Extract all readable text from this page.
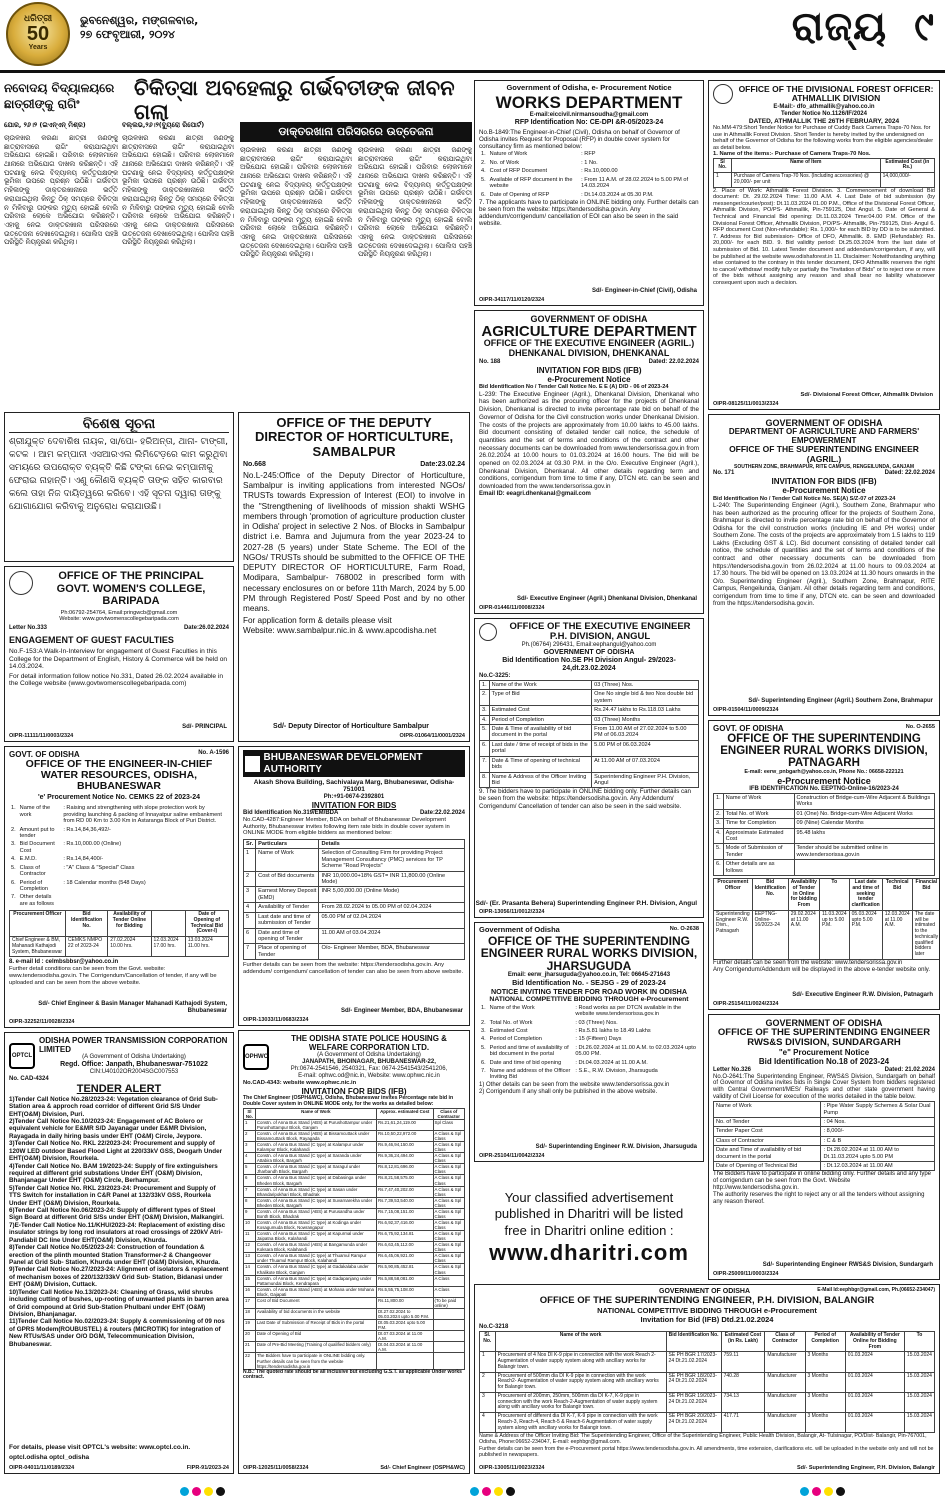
ଧରିତ୍ରୀ
50
Years
ଭୁବନେଶ୍ୱର, ମଙ୍ଗଳବାର,
୨୭ ଫେବୃଆରୀ, ୨୦୨୪	ରାଜ୍ୟ ୯
ନବୋଦୟ ବିଦ୍ୟାଳୟରେ ଛାତ୍ରୀଙ୍କୁ ରାଗିଂ
ଚିକିତ୍ସା ଅବହେଳାରୁ ଗର୍ଭବତୀଙ୍କ ଜୀବନ ଗଲା
ଡାକ୍ତରଖାନା ପରିସରରେ ଉତ୍ତେଜନା
ଯୋର, ୨୬।୨ (ଇଏନ୍ଏନ୍ ମିଶ୍ର)	ବଲ୍ଲଭ,୨୬।୨(ବ୍ୟୁରୋ ରିପୋର୍ଟ)
ଚାଉଳଖର କରଣା ଛାତ୍ରୀ ଜଣଙ୍କୁ ଛାତ୍ରାବାସରେ ରାଗିଂ କରାଯାଇଥିବା ଅଭିଯୋଗ ହୋଇଛି। ପରିବାର ଲୋକମାନେ ଥାନାରେ ଅଭିଯୋଗ ଦାଖଲ କରିଛନ୍ତି। ଏହି ଘଟଣାକୁ ନେଇ ବିଦ୍ୟାଳୟ କର୍ତ୍ତୃପକ୍ଷଙ୍କ ଭୂମିକା ଉପରେ ପ୍ରଶ୍ନ ଉଠିଛି। ଗର୍ଭବତୀ ମହିଳାଙ୍କୁ ଡାକ୍ତରଖାନାରେ ଭର୍ତ୍ତି କରାଯାଇଥିଲା କିନ୍ତୁ ଠିକ୍ ସମୟରେ ଚିକିତ୍ସା ନ ମିଳିବାରୁ ତାଙ୍କର ମୃତ୍ୟୁ ହୋଇଛି ବୋଲି ପରିବାର ଲୋକେ ଅଭିଯୋଗ କରିଛନ୍ତି। ଏହାକୁ ନେଇ ଡାକ୍ତରଖାନା ପରିସରରେ ଉତ୍ତେଜନା ଦେଖାଦେଇଥିଲା। ପୋଲିସ ପହଞ୍ଚି ପରିସ୍ଥିତି ନିୟନ୍ତ୍ରଣ କରିଥିଲା।
ଚାଉଳଖର କରଣା ଛାତ୍ରୀ ଜଣଙ୍କୁ ଛାତ୍ରାବାସରେ ରାଗିଂ କରାଯାଇଥିବା ଅଭିଯୋଗ ହୋଇଛି। ପରିବାର ଲୋକମାନେ ଥାନାରେ ଅଭିଯୋଗ ଦାଖଲ କରିଛନ୍ତି। ଏହି ଘଟଣାକୁ ନେଇ ବିଦ୍ୟାଳୟ କର୍ତ୍ତୃପକ୍ଷଙ୍କ ଭୂମିକା ଉପରେ ପ୍ରଶ୍ନ ଉଠିଛି। ଗର୍ଭବତୀ ମହିଳାଙ୍କୁ ଡାକ୍ତରଖାନାରେ ଭର୍ତ୍ତି କରାଯାଇଥିଲା କିନ୍ତୁ ଠିକ୍ ସମୟରେ ଚିକିତ୍ସା ନ ମିଳିବାରୁ ତାଙ୍କର ମୃତ୍ୟୁ ହୋଇଛି ବୋଲି ପରିବାର ଲୋକେ ଅଭିଯୋଗ କରିଛନ୍ତି। ଏହାକୁ ନେଇ ଡାକ୍ତରଖାନା ପରିସରରେ ଉତ୍ତେଜନା ଦେଖାଦେଇଥିଲା। ପୋଲିସ ପହଞ୍ଚି ପରିସ୍ଥିତି ନିୟନ୍ତ୍ରଣ କରିଥିଲା।
ଚାଉଳଖର କରଣା ଛାତ୍ରୀ ଜଣଙ୍କୁ ଛାତ୍ରାବାସରେ ରାଗିଂ କରାଯାଇଥିବା ଅଭିଯୋଗ ହୋଇଛି। ପରିବାର ଲୋକମାନେ ଥାନାରେ ଅଭିଯୋଗ ଦାଖଲ କରିଛନ୍ତି। ଏହି ଘଟଣାକୁ ନେଇ ବିଦ୍ୟାଳୟ କର୍ତ୍ତୃପକ୍ଷଙ୍କ ଭୂମିକା ଉପରେ ପ୍ରଶ୍ନ ଉଠିଛି। ଗର୍ଭବତୀ ମହିଳାଙ୍କୁ ଡାକ୍ତରଖାନାରେ ଭର୍ତ୍ତି କରାଯାଇଥିଲା କିନ୍ତୁ ଠିକ୍ ସମୟରେ ଚିକିତ୍ସା ନ ମିଳିବାରୁ ତାଙ୍କର ମୃତ୍ୟୁ ହୋଇଛି ବୋଲି ପରିବାର ଲୋକେ ଅଭିଯୋଗ କରିଛନ୍ତି। ଏହାକୁ ନେଇ ଡାକ୍ତରଖାନା ପରିସରରେ ଉତ୍ତେଜନା ଦେଖାଦେଇଥିଲା। ପୋଲିସ ପହଞ୍ଚି ପରିସ୍ଥିତି ନିୟନ୍ତ୍ରଣ କରିଥିଲା।
ଚାଉଳଖର କରଣା ଛାତ୍ରୀ ଜଣଙ୍କୁ ଛାତ୍ରାବାସରେ ରାଗିଂ କରାଯାଇଥିବା ଅଭିଯୋଗ ହୋଇଛି। ପରିବାର ଲୋକମାନେ ଥାନାରେ ଅଭିଯୋଗ ଦାଖଲ କରିଛନ୍ତି। ଏହି ଘଟଣାକୁ ନେଇ ବିଦ୍ୟାଳୟ କର୍ତ୍ତୃପକ୍ଷଙ୍କ ଭୂମିକା ଉପରେ ପ୍ରଶ୍ନ ଉଠିଛି। ଗର୍ଭବତୀ ମହିଳାଙ୍କୁ ଡାକ୍ତରଖାନାରେ ଭର୍ତ୍ତି କରାଯାଇଥିଲା କିନ୍ତୁ ଠିକ୍ ସମୟରେ ଚିକିତ୍ସା ନ ମିଳିବାରୁ ତାଙ୍କର ମୃତ୍ୟୁ ହୋଇଛି ବୋଲି ପରିବାର ଲୋକେ ଅଭିଯୋଗ କରିଛନ୍ତି। ଏହାକୁ ନେଇ ଡାକ୍ତରଖାନା ପରିସରରେ ଉତ୍ତେଜନା ଦେଖାଦେଇଥିଲା। ପୋଲିସ ପହଞ୍ଚି ପରିସ୍ଥିତି ନିୟନ୍ତ୍ରଣ କରିଥିଲା।
ବିଶେଷ ସୂଚନା
ଶ୍ରୀଯୁକ୍ତ ଦେବାଶିଷ ନାୟକ, ସା/ପୋ- ହରିଅନ୍ତା, ଥାନା- ଟାଙ୍ଗୀ, କଟକ । ଆମ କମ୍ପାନୀ ଏସଆରଏଲ ଲିମିଟେଡ଼ରେ କାମ କରୁଥିବା ସମୟରେ ଉପରୋକ୍ତ ବ୍ୟକ୍ତି କିଛି ଟଙ୍କା ନେଇ କମ୍ପାନୀକୁ ଫେରାଇ ନାହାନ୍ତି। ଏଣୁ କୌଣସି ବ୍ୟକ୍ତି ତାଙ୍କ ସହିତ କାରବାର କଲେ ତାହା ନିଜ ଦାୟିତ୍ୱରେ କରିବେ। ଏହି ସୂଚନା ଦ୍ୱାରା ତାଙ୍କୁ ଯୋଗାଯୋଗ କରିବାକୁ ଅନୁରୋଧ କରାଯାଉଛି।
OFFICE OF THE PRINCIPAL
GOVT. WOMEN'S COLLEGE, BARIPADA
Ph:06792-254764, Email:pringwcb@gmail.com
Website: www.govtwomenscollegebaripada.com
Letter No.333	Date:26.02.2024
ENGAGEMENT OF GUEST FACULTIES
No.F-153:A Walk-In-Interview for engagement of Guest Faculties in this College for the Department of English, History & Commerce will be held on 14.03.2024.
For detail information follow notice No.331, Dated 26.02.2024 available in the College website (www.govtwomenscollegebaripada.com)
Sd/- PRINCIPAL
OIPR-11111/11/0003/2324
GOVT. OF ODISHA	No. A-1596
OFFICE OF THE ENGINEER-IN-CHIEF WATER RESOURCES, ODISHA, BHUBANESWAR
'e' Procurement Notice No. CEMKS 22 of 2023-24
1.	Name of the work	: Raising and strengthening with slope protection work by providing launching & packing of Innayatpur saline embankment from RD 00 Km to 3.00 Km in Astaranga Block of Puri District.
2.	Amount put to tender	: Rs.14,84,36,492/-
3.	Bid Document Cost	: Rs.10,000.00 (Online)
4.	E.M.D.	: Rs.14,84,400/-
5.	Class of Contractor	: "A" Class & "Special" Class
6.	Period of Completion	: 18 Calendar months (548 Days)
7.	Other details are as follows	
Procurement Officer	Bid Identification No.	Availability of Tender Online for Bidding		Date of Opening of Technical Bid (Cover-I)
Chief Engineer & BM, Mahanadi Kathajodi System, Bhubaneswar	CEMKS NMPO 22 of 2023-24	27.02.2024 10.00 hrs.	12.03.2024 17.00 hrs.	13.03.2024 11.00 hrs.
8. e-mail Id : celmbsbbsr@yahoo.co.in
Further detail conditions can be seen from the Govt. website: www.tendersodisha.gov.in. The Corrigendum/Cancellation of tender, if any will be uploaded and can be seen from the above website.
Sd/- Chief Engineer & Basin Manager Mahanadi Kathajodi System, Bhubaneswar
OIPR-32252/11/0028/2324
OPTCL
ODISHA POWER TRANSMISSION CORPORATION LIMITED
(A Government of Odisha Undertaking)
Regd. Office: Janpath, Bhubaneswar-751022
CIN:U40102OR2004SGC007553
No. CAD-4324
TENDER ALERT
1)Tender Call Notice No.28/2023-24: Vegetation clearance of Grid Sub-Station area & approch road corridor of different Grid S/S Under EHT(O&M) Division, Puri.
2)Tender Call Notice No.10/2023-24: Engagement of AC Bolero or equivalent vehicle for E&MR S/D Jayanagar under E&MR Division, Rayagada in daily hiring basis under EHT (O&M) Circle, Jeypore.
3)Tender Call Notice No. RKL 22/2023-24: Procurement and supply of 120W LED outdoor Based Flood Light at 220/33kV GSS, Deogarh Under EHT(O&M) Division, Rourkela.
4)Tender Call Notice No. BAM 19/2023-24: Supply of fire extinguishers required at different grid substations Under EHT (O&M) Division, Bhanjanagar Under EHT (O&M) Circle, Berhampur.
5)Tender Call Notice No. RKL 23/2023-24: Procurement and Supply of TTS Switch for installation in C&R Panel at 132/33kV GSS, Rourkela Under EHT (O&M) Division, Rourkela.
6)Tender Call Notice No.06/2023-24: Supply of different types of Steel Sign Board at different Grid S/Ss under EHT (O&M) Division, Malkangiri.
7)E-Tender Call Notice No.11/KHU/2023-24: Replacement of existing disc insulator strings by long rod insulators at road crossings of 220kV Atri- Pandiabil DC line Under EHT(O&M) Division, Khurda.
8)Tender Call Notice No.05/2023-24: Construction of foundation & erection of the plinth mounted Station Transformer-2 & Changeover Panel at Grid Sub- Station, Khurda under EHT (O&M) Division, Khurda.
9)Tender Call Notice No.27/2023-24: Alignment of isolators & replacement of mechanism boxes of 220/132/33kV Grid Sub- Station, Bidanasi under EHT (O&M) Division, Cuttack.
10)Tender Call Notice No.13/2023-24: Cleaning of Grass, wild shrubs including cutting of bushes, up-rooting of unwanted plants in barren area of Grid compound at Grid Sub-Station Phulbani under EHT (O&M) Division, Bhanjanagar.
11)Tender Call Notice No.02/2023-24: Supply & commissioning of 09 nos of GPRS Modem(ROUBUSTEL) & routers (MICROTIK) for integration of New RTUs/SAS under O/O DGM, Telecommunication Division, Bhubaneswar.
For details, please visit OPTCL's website: www.optcl.co.in.
optcl.odisha optcl_odisha
OIPR-04011/11/0189/2324	FIPR-91/2023-24
OFFICE OF THE DEPUTY DIRECTOR OF HORTICULTURE, SAMBALPUR
No.668	Date:23.02.24
No.L-245:Office of the Deputy Director of Horticulture, Sambalpur is inviting applications from interested NGOs/ TRUSTs towards Expression of Interest (EOI) to involve in the "Strengthening of livelihoods of mission shakti WSHG members through 'promotion of agriculture production cluster in Odisha' project in selective 2 Nos. of Blocks in Sambalpur district i.e. Bamra and Jujumura from the year 2023-24 to 2027-28 (5 years) under State Scheme. The EOI of the NGOs/ TRUSTs should be submitted to the OFFICE OF THE DEPUTY DIRECTOR OF HORTICULTURE, Farm Road, Modipara, Sambalpur- 768002 in prescribed form with necessary enclosures on or before 11th March, 2024 by 5.00 PM through Registered Post/ Speed Post and by no other means.
For application form & details please visit
Website: www.sambalpur.nic.in & www.apcodisha.net
Sd/- Deputy Director of Horticulture Sambalpur
OIPR-01064/11/0001/2324
BHUBANESWAR DEVELOPMENT AUTHORITY
Akash Shova Building, Sachivalaya Marg, Bhubaneswar, Odisha-751001
Ph:+91-0674-2392801
INVITATION FOR BIDS
Bid Identification No.319/EM/BDA	Date:22.02.2024
No.CAD-4287:Engineer Member, BDA on behalf of Bhubaneswar Development Authority, Bhubaneswar invites following item rate bids in double cover system in ONLINE MODE from eligible bidders as mentioned below:
Sr.	Particulars	Details
1	Name of Work	Selection of Consulting Firm for providing Project Management Consultancy (PMC) services for TP Scheme "Road Projects"
2	Cost of Bid documents	INR 10,000.00+18% GST= INR 11,800.00 (Online Mode)
3	Earnest Money Deposit (EMD)	INR 5,00,000.00 (Online Mode)
4	Availability of Tender	From 28.02.2024 to 05.00 PM of 02.04.2024
5	Last date and time of submission of Tender	05.00 PM of 02.04.2024
6	Date and time of opening of Tender	11.00 AM of 03.04.2024
7	Place of opening of Tender	O/o- Engineer Member, BDA, Bhubaneswar
Further details can be seen from the website: https://tendersodisha.gov.in. Any addendum/ corrigendum/ cancellation of tender can also be seen from above website.
Sd/- Engineer Member, BDA, Bhubaneswar
OIPR-13033/11/0683/2324
OPHWC
THE ODISHA STATE POLICE HOUSING & WELFARE CORPORATION LTD.
(A Government of Odisha Undertaking)
JANAPATH, BHOINAGAR, BHUBANESWAR-22,
Ph:0674-2541546, 2540321, Fax: 0674-2541543/2541206,
E-mail: ophwc.od@nic.in, Website: www.ophwc.nic.in
No.CAD-4343: website www.ophwc.nic.in
INVITATION FOR BIDS (IFB)
The Chief Engineer (OSPH&WC), Odisha, Bhubaneswar invites Percentage rate bid in Double Cover system in ONLINE MODE only, for the works as detailed below:
Sl No.	Name of Work	Approx. estimated Cost	Class of Contractor
1	Constn. of Anna Bus Stand (ABS) at Purushottampur under Purushottampur Block, Ganjam	Rs.21,61,24,119.00	Spl Class
2	Constn. of Anna Bus Stand (ABS) at Bissamcuttack under Bissamcuttack Block, Rayagada	Rs.10,50,22,972.00	A Class & Spl Class
3	Constn. of Anna Bus Stand (C type) at Kalampur under Kalampur Block, Kalahandi	Rs.9,46,94,150.00	A Class & Spl Class
4	Constn. of Anna Bus Stand (C type) at Saranda under Attabira Block, Bargarh	Rs.9,36,24,494.00	A Class & Spl Class
5	Constn. of Anna Bus Stand (C type) at Saragul under Jharbandh Block, Bargarh	Rs.8,12,81,696.00	A Class & Spl Class
6	Constn. of Anna Bus Stand (C type) at Dabasinga under Bheden Block, Bargarh	Rs.8,21,58,575.00	A Class & Spl Class
7	Constn. of Anna Bus Stand (C type) at Sasan under Bhandaripokhari Block, Bhadrak	Rs.7,47,40,202.00	A Class & Spl Class
8	Constn. of Anna Bus Stand (C type) at Suvarnarekha under Bheden Block, Bargarh	Rs.7,39,53,540.00	A Class & Spl Class
9	Constn. of Anna Bus Stand (ABS) at Purusandha under Bonth Block, Bhadrak	Rs.7,15,08,151.00	A Class & Spl Class
10	Constn. of Anna Bus Stand (C type) at Kodinga under Kosagumuda Block, Nowrangapur	Rs.6,92,37,416.00	A Class & Spl Class
11	Constn. of Anna Bus Stand (C type) at Kapurmal under Jaipatna Block, Kalahandi	Rs.6,75,92,134.81	A Class & Spl Class
12	Constn. of Anna Bus Stand (ABS) at Bangamunda under Koksara Block, Kalahandi	Rs.6,63,45,112.00	A Class & Spl Class
13	Constn. of Anna Bus Stand (C type) at Thuamul Rampur under Thuamul Rampur Block, Kalahandi	Rs.6,45,06,921.00	A Class & Spl Class
14	Constn. of Anna Bus Stand (C type) at Gadakalaba under Khalikote Block, Ganjam	Rs.5,90,85,452.81	A Class & Spl Class
15	Constn. of Anna Bus Stand (C type) at Gadapanjang under Pattamundai Block, Kendrapara	Rs.5,88,58,081.00	A Class
16	Constn. of Anna Bus Stand (ABS) at Mohana under Mohana Block, Gajapati	Rs.5,55,75,108.00	A Class
17	Cost of Bid Document	Rs.11,800.00	(To be paid online)
18	Availability of bid documents in the website	Dt.27.02.2024 to 05.03.2024 upto 5.00 P.M.	
19	Last Date of Submission of Receipt of Bids in the portal	Dt.05.03.2024 upto 5.00 P.M.	
20	Date of Opening of Bid	Dt.07.03.2024 at 11.00 A.M.	
21	Date of Pre-Bid Meeting (Training of qualified bidders only)	Dt.04.03.2024 at 11.00 A.M.	
22	The Bidders have to participate in ONLINE bidding only. Further details can be seen from the website https://tendersodisha.gov.in		
N.B.: The quoted rate should be all inclusive but excluding G.S.T. as applicable Under works contract.
OIPR-12025/11/0058/2324	Sd/- Chief Engineer (OSPH&WC)
Government of Odisha, e- Procurement Notice
WORKS DEPARTMENT
E-mail:eiccivil.nirmansoudha@gmail.com
RFP Identification No: CE-DPI &R-05/2023-24
No.B-1849:The Engineer-in-Chief (Civil), Odisha on behalf of Governor of Odisha invites Request for Proposal (RFP) in double cover system for consultancy firm as mentioned below:
1.	Nature of Work	: RFP
2.	No. of Work	: 1 No.
4.	Cost of RFP Document	: Rs.10,000.00
5.	Available of RFP document in the website	: From 11 A.M. of 28.02.2024 to 5.00 PM of 14.03.2024
6.	Date of Opening of RFP	: Dt.14.03.2024 at 05.30 P.M.
7. The applicants have to participate in ONLINE bidding only. Further details can be seen from the website: https://tendersodisha.gov.in. Any addendum/corrigendum/ cancellation of EOI can also be seen in the said website.
Sd/- Engineer-in-Chief (Civil), Odisha
OIPR-34117/11/0120/2324
GOVERNMENT OF ODISHA
AGRICULTURE DEPARTMENT
OFFICE OF THE EXECUTIVE ENGINEER (AGRIL.) DHENKANAL DIVISION, DHENKANAL
No. 188	Dated: 22.02.2024
INVITATION FOR BIDS (IFB)
e-Procurement Notice
Bid Identification No / Tender Call Notice No. E E (A) D/D - 06 of 2023-24
L-239: The Executive Engineer (Agril.), Dhenkanal Division, Dhenkanal who has been authorized as the procuring officer for the projects of Dhenkanal Division, Dhenkanal is directed to invite percentage rate bid on behalf of the Governor of Odisha for the Civil construction works under Dhenkanal Division. The costs of the projects are approximately from 10.00 lakhs to 45.00 lakhs. Bid document consisting of detailed tender call notice, the schedule of quantities and the set of terms and conditions of the contract and other necessary documents can be downloaded from www.tendersorissa.gov.in from 26.02.2024 at 10.00 hours to 01.03.2024 at 16.00 hours. The bid will be opened on 02.03.2024 at 03.30 P.M. in the O/o. Executive Engineer (Agril.), Dhenkanal Division, Dhenkanal. All other details regarding term and conditions, corrigendum from time to time if any, DTCN etc. can be seen and downloaded from the www.tendersorissa.gov.in
Email ID: eeagri.dhenkanal@gmail.com
Sd/- Executive Engineer (Agril.) Dhenkanal Division, Dhenkanal
OIPR-01446/11/0008/2324
OFFICE OF THE EXECUTIVE ENGINEER P.H. DIVISION, ANGUL
Ph.(06764) 296431, Email:eephangul@yahoo.com
GOVERNMENT OF ODISHA
Bid Identification No.SE PH Division Angul- 29/2023-24,dt.23.02.2024
No.C-3225:
1.	Name of the Work	03 (Three) Nos.
2.	Type of Bid	One No single bid & two Nos double bid system
3.	Estimated Cost	Rs.24.47 lakhs to Rs.118.03 Lakhs
4.	Period of Completion	03 (Three) Months
5.	Date & Time of availability of bid document in the portal	From 11.00 AM of 27.02.2024 to 5.00 PM of 06.03.2024
6.	Last date / time of receipt of bids in the portal	5.00 PM of 06.03.2024
7.	Date & Time of opening of technical bids	At 11.00 AM of 07.03.2024
8.	Name & Address of the Officer Inviting Bid	Superintending Engineer P.H. Division, Angul
9. The bidders have to participate in ONLINE bidding only. Further details can be seen from the website: https://tendersodisha.gov.in. Any Addendum/ Corrigendum/ Cancellation of tender can also be seen in the said website.
Sd/- (Er. Prasanta Behera) Superintending Engineer P.H. Division, Angul
OIPR-13056/11/0012/2324
Government of Odisha	No. O-2638
OFFICE OF THE SUPERINTENDING ENGINEER RURAL WORKS DIVISION, JHARSUGUDA
Email: eerw_jharsuguda@yahoo.co.in, Tel: 06645-271643
Bid Identification No. - SEJSG - 29 of 2023-24
NOTICE INVITING TENDER FOR ROAD WORK IN ODISHA
NATIONAL COMPETITIVE BIDDING THROUGH e-Procurement
1.	Name of the Work	: Road works as per DTCN available in the website www.tendersorissa.gov.in
2.	Total No. of Work	: 03 (Three) Nos.
3.	Estimated Cost	: Rs.5.81 lakhs to 18.49 Lakhs
4.	Period of Completion	: 15 (Fifteen) Days
5.	Period and time of availability of bid document in the portal	: Dt.26.02.2024 at 11.00 A.M. to 02.03.2024 upto 05.00 PM.
6.	Date and time of bid opening	: Dt.04.03.2024 at 11.00 A.M.
7.	Name and address of the Officer Inviting Bid	: S.E., R.W. Division, Jharsuguda
1) Other details can be seen from the website www.tendersorissa.gov.in
2) Corrigendum if any shall only be published in the above website.
Sd/- Superintending Engineer R.W. Division, Jharsuguda
OIPR-25104/11/0042/2324
Your classified advertisement
published in Dharitri will be listed
free in Dharitri online edition :
www.dharitri.com
OFFICE OF THE DIVISIONAL FOREST OFFICER: ATHMALLIK DIVISION
E-Mail:- dfo_athmallik@yahoo.co.in
Tender Notice No.1126/IF/2024
DATED, ATHMALLIK THE 26TH FEBRUARY, 2024
No.MM-479:Short Tender Notice for Purchase of Cuddy Back Camera Traps-70 Nos. for use in Athmallik Forest Division. Short Tender is hereby invited by the undersigned on behalf of the Governor of Odisha for the following works from the eligible agencies/dealer as detail below.
1. Name of the items:- Purchase of Camera Traps-70 Nos.
Sl No.	Name of Item	Estimated Cost (in Rs.)
1	Purchase of Camera Trap-70 Nos. (Including accessories) @ 20,000/- per unit	14,000,000/-
2. Place of Work: Athmallik Forest Division. 3. Commencement of download Bid document: Dt. 29.02.2024 Time: 11.00 A.M. 4. Last Date of bid submission (by messenger/courier/post): Dt.11.03.2024 01.00 P.M., Office of the Divisional Forest Officer, Athmallik Division, PO/PS- Athmallik, Pin-759125, Dist Angul. 5. Date of General & Technical and Financial Bid opening: Dt.11.03.2024 Time:04.00 P.M. Office of the Divisional Forest Officer, Athmallik Division, PO/PS- Athmallik, Pin-759125, Dist- Angul 6. RFP document Cost (Non-refundable): Rs. 1,000/- for each BID by DD is to be submitted. 7. Address for Bid submission- Office of DFO, Athmallik. 8. EMD (Refundable): Rs. 20,000/- for each BID. 9. Bid validity period: Dt.25.03.2024 from the last date of submission of Bid. 10. Latest Tender document and addendum/corrigendum, if any, will be published at the website www.odishaforest.in 11. Disclaimer: Notwithstanding anything else contained to the contrary in this tender document, DFO Athmallik reserves the right to cancel/ withdraw/ modify fully or partially the "Invitation of Bids" or to reject one or more of the bids without assigning any reason and shall bear no liability whatsoever consequent upon such a decision.
Sd/- Divisional Forest Officer, Athmallik Division
OIPR-08125/11/0013/2324
GOVERNMENT OF ODISHA
DEPARTMENT OF AGRICULTURE AND FARMERS' EMPOWERMENT
OFFICE OF THE SUPERINTENDING ENGINEER (AGRIL.)
SOUTHERN ZONE, BRAHMAPUR, RITE CAMPUS, RENGEILUNDA, GANJAM
No. 171	Dated: 22.02.2024
INVITATION FOR BIDS (IFB)
e-Procurement Notice
Bid Identification No / Tender Call Notice No. SE(A) S/Z-07 of 2023-24
L-240: The Superintending Engineer (Agril.), Southern Zone, Brahmapur who has been authorized as the procuring officer for the projects of Southern Zone, Brahmapur is directed to invite percentage rate bid on behalf of the Governor of Odisha for the civil construction works (including IE and PH works) under Southern Zone. The costs of the projects are approximately from 1.5 lakhs to 119 Lakhs (Excluding GST & LC). Bid document consisting of detailed tender call notice, the schedule of quantities and the set of terms and conditions of the contract and other necessary documents can be downloaded from https://tendersodisha.gov.in from 26.02.2024 at 11.00 hours to 09.03.2024 at 17.30 hours. The bid will be opened on 13.03.2024 at 11.30 hours onwards in the O/o. Superintending Engineer (Agril.), Southern Zone, Brahmapur, RITE Campus, Rengeilunda, Ganjam. All other details regarding term and conditions, corrigendum from time to time if any, DTCN etc. can be seen and downloaded from the https://tendersodisha.gov.in.
Sd/- Superintending Engineer (Agril.) Southern Zone, Brahmapur
OIPR-01504/11/0009/2324
GOVT. OF ODISHA	No. O-2655
OFFICE OF THE SUPERINTENDING ENGINEER RURAL WORKS DIVISION, PATNAGARH
E-mail: eerw_pnbgarh@yahoo.co.in, Phone No.: 06658-222121
e-Procurement Notice
IFB IDENTIFICATION No. EEPTNG-Online-16/2023-24
1.	Name of Work	Construction of Bridge-cum-Wire Adjacent & Buildings Works
2.	Total No. of Work	01 (One) No. Bridge-cum-Wire Adjacent Works
3.	Time for Completion	09 (Nine) Calendar Months
4.	Approximate Estimated Cost	95.48 lakhs
5.	Mode of Submission of Tender	Tender should be submitted online in www.tendersorissa.gov.in
6.	Other details are as follows	
Procurement Officer	Bid Identification No.	Availability of Tender in Online for bidding From	To	Last date and time of seeking tender clarification	Technical Bid	Financial Bid
Superintending Engineer R.W. Divn., Patnagarh	EEPTNG- Online- 16/2023-24	29.02.2024 at 11.00 A.M.	11.03.2024 up to 5.00 P.M.	05.03.2024 upto 5.00 P.M.	12.03.2024 at 11.00 A.M.	The date will be intimated to the technically qualified bidders later
Further details can be seen from the website: www.tendersorissa.gov.in
Any Corrigendum/Addendum will be displayed in the above e-tender website only.
Sd/- Executive Engineer R.W. Division, Patnagarh
OIPR-25154/11/0024/2324
GOVERNMENT OF ODISHA
OFFICE OF THE SUPERINTENDING ENGINEER RWS&S DIVISION, SUNDARGARH
"e" Procurement Notice
Bid Identification No.18 of 2023-24
Letter No.326	Dated: 21.02.2024
No.O-2641:The Superintending Engineer, RWS&S Division, Sundargarh on behalf of Governor of Odisha invites bids in Single Cover System from bidders registered with Central Government/MES/ Railways and other state government having validity of Civil License for execution of the works detailed in the table below.
Name of Work	: Pipe Water Supply Schemes & Solar Dual Pump
No. of Tender	: 04 Nos.
Tender Paper Cost	: 8,000/-
Class of Contractor	: C & B
Date and Time of availability of bid document in the portal	: Dt.28.02.2024 at 11.00 AM to Dt.11.03.2024 upto 5.00 PM
Date of Opening of Technical Bid	: Dt.12.03.2024 at 11.00 AM
The Bidders have to participate in online bidding only. Further details and any type of corrigendum can be seen from the Govt. Website http://www.tendersodisha.gov.in.
The authority reserves the right to reject any or all the tenders without assigning any reason thereof.
Sd/- Superintending Engineer RWS&S Division, Sundargarh
OIPR-25009/11/0003/2324
GOVERNMENT OF ODISHA	E-Mail Id:eephbgr@gmail.com, Ph.(06652-234047)
OFFICE OF THE SUPERINTENDING ENGINEER, P.H. DIVISION, BALANGIR
NATIONAL COMPETITIVE BIDDING THROUGH e-Procurement
Invitation for Bid (IFB) Dtd.21.02.2024
No.C-3218
Sl. No.	Name of the work	Bid Identification No.	Estimated Cost (in Rs. Lakh)	Class of Contractor	Period of Completion	Availability of Tender Online for Bidding From	To
1	Procurement of 4 Nos DI K-9 pipe in connection with the work Reach 2-Augmentation of water supply system along with ancillary works for Balangir town.	SE PH BGR 17/2023-24 Dt.21.02.2024	759.11	Manufacturer	3 Months	01.03.2024	15.03.2024
2	Procurement of 500mm dia DI K-9 pipe in connection with the work Reach2- Augmentation of water supply system along with ancillary works for Balangir town.	SE PH BGR 18/2023-24 Dt.21.02.2024	740.28	Manufacturer	3 Months	01.03.2024	15.03.2024
3	Procurement of 200mm, 250mm, 500mm dia DI K-7, K-9 pipe in connection with the work Reach-2-Augmentation of water supply system along with ancillary works for Balangir town.	SE PH BGR 19/2023-24 Dt.21.02.2024	734.13	Manufacturer	3 Months	01.03.2024	15.03.2024
4	Procurement of different dia DI K-7, K-9 pipe in connection with the work Reach-3, Reach-4, Reach-5 & Reach-6 Augmentation of water supply system along with ancillary works for Balangir town.	SE PH BGR 20/2023-24 Dt.21.02.2024	417.71	Manufacturer	3 Months	01.03.2024	15.03.2024
Name & Address of the Officer Inviting Bid: The Superintending Engineer, Office of the Superintending Engineer, Public Health Division, Balangir, At- Tulsinagar, PO/Dist- Balangir, Pin-767001, Odisha, Phone:06652-234047, E-mail: eephbgr@gmail.com.
Further details can be seen from the e-Procurement portal https://www.tendersodisha.gov.in. All amendments, time extension, clarifications etc. will be uploaded in the website only and will not be published in newspapers.
OIPR-13005/11/0023/2324	Sd/- Superintending Engineer, P.H. Division, Balangir
